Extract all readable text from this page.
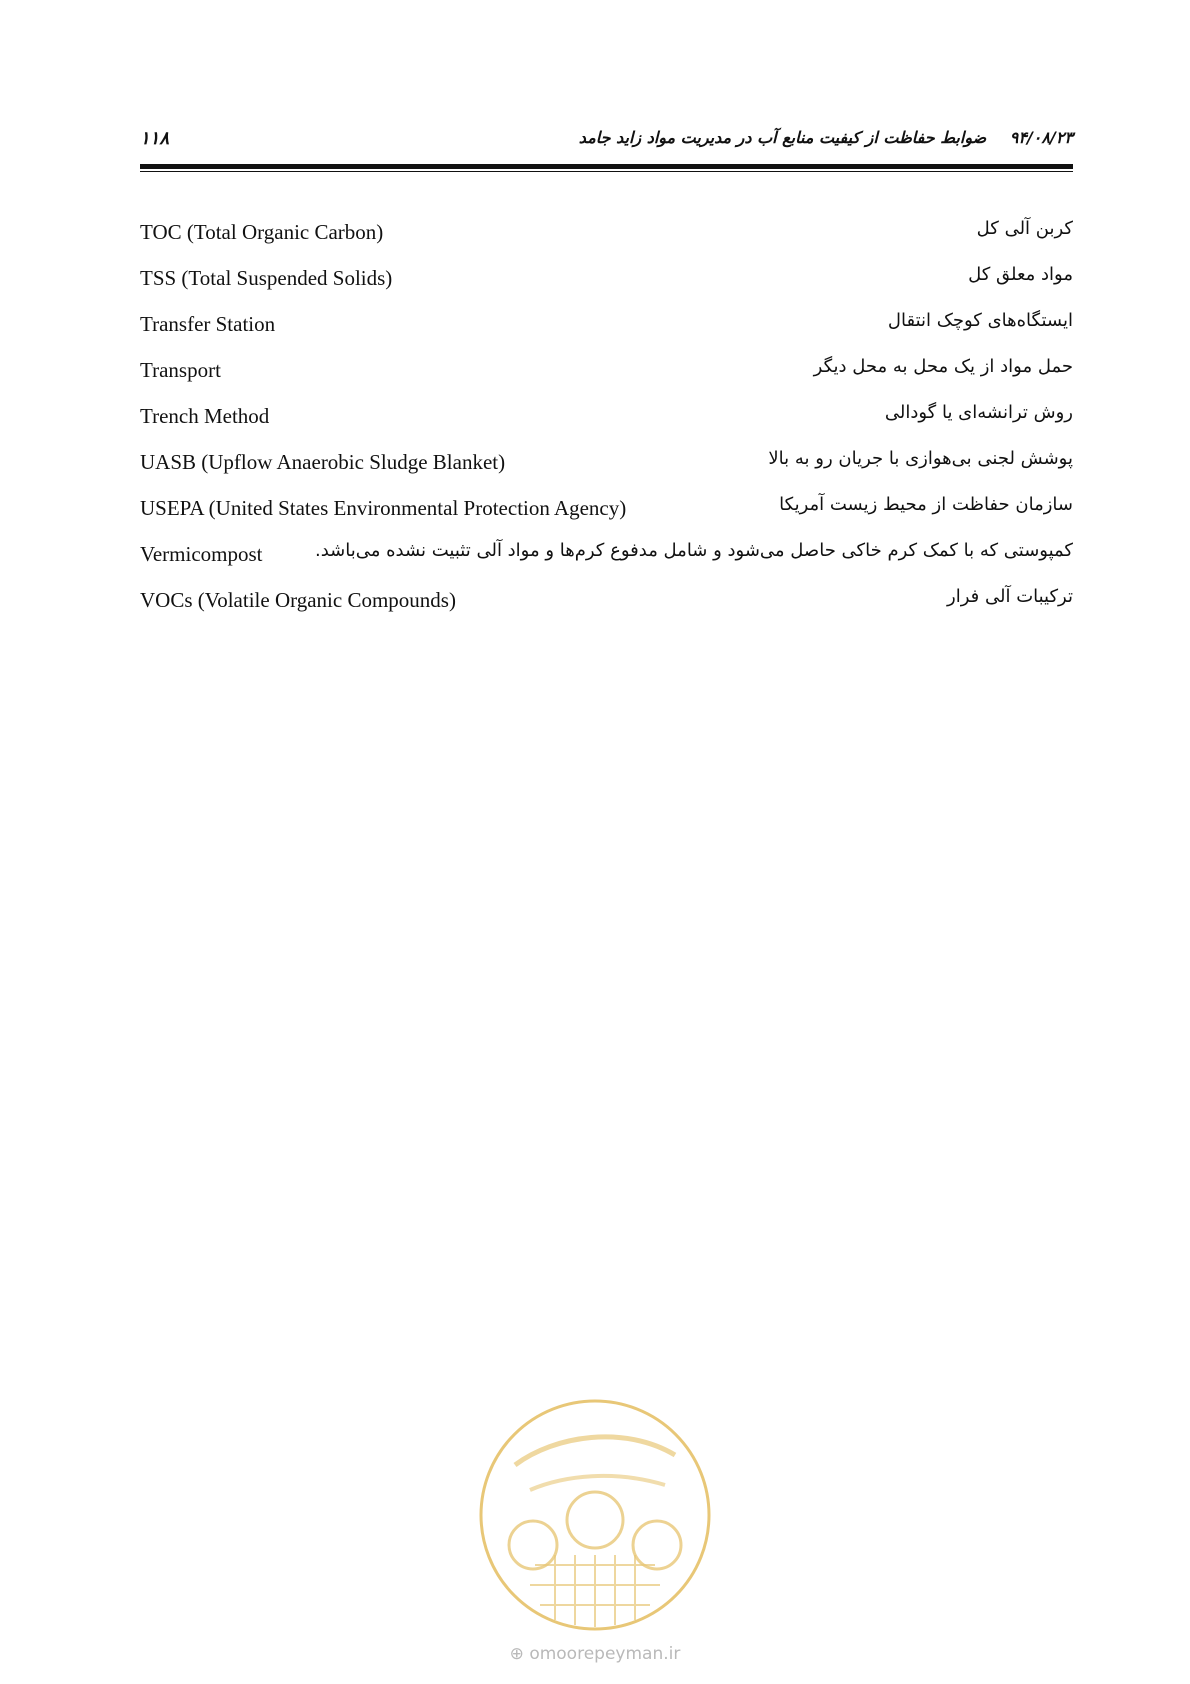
۱۱۸	۹۴/۰۸/۲۳ ضوابط حفاظت از کیفیت منابع آب در مدیریت مواد زاید جامد
TOC (Total Organic Carbon)	کربن آلی کل
TSS (Total Suspended Solids)	مواد معلق کل
Transfer Station	ایستگاه‌های کوچک انتقال
Transport	حمل مواد از یک محل به محل دیگر
Trench Method	روش ترانشه‌ای یا گودالی
UASB (Upflow Anaerobic Sludge Blanket)	پوشش لجنی بی‌هوازی با جریان رو به بالا
USEPA (United States Environmental Protection Agency)	سازمان حفاظت از محیط زیست آمریکا
Vermicompost	کمپوستی که با کمک کرم خاکی حاصل می‌شود و شامل مدفوع کرم‌ها و مواد آلی تثبیت نشده می‌باشد.
VOCs (Volatile Organic Compounds)	ترکیبات آلی فرار
⊕ omoorepeyman.ir
